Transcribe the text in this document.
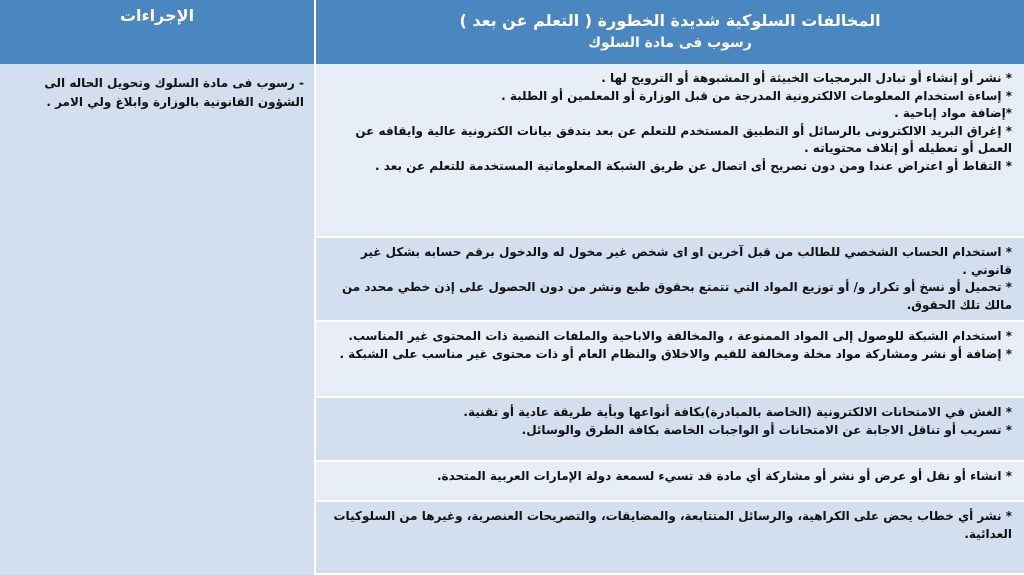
المخالفات السلوكية شديدة الخطورة ( التعلم عن بعد )
رسوب فى مادة السلوك
الإجراءات

* نشر أو إنشاء أو تبادل البرمجيات الخبيثة أو المشبوهة أو الترويج لها .

* إساءة استخدام المعلومات الالكترونية المدرجة من قبل الوزارة أو المعلمين أو الطلبة .

*إضافة مواد إباحية .

* إغراق البريد الالكترونى بالرسائل أو التطبيق المستخدم للتعلم عن بعد بتدفق بيانات الكترونية عالية وايقافه عن العمل أو تعطيله أو إتلاف محتوياته .

* التقاط أو اعتراض عندا ومن دون تصريح أى اتصال عن طريق الشبكة المعلوماتية المستخدمة للتعلم عن بعد .

* استخدام الحساب الشخصي للطالب من قبل آخرين او اى شخص غير مخول له والدخول برقم حسابه بشكل غير قانوني .

* تحميل أو نسخ أو تكرار و/ أو توزيع المواد التي تتمتع بحقوق طبع ونشر من دون الحصول على إذن خطي محدد من مالك تلك الحقوق.

* استخدام الشبكة للوصول إلى المواد الممنوعة ، والمخالفة والاباحية والملفات النصية ذات المحتوى غير المناسب.

* إضافة أو نشر ومشاركة مواد مخلة ومخالفة للقيم والاخلاق والنظام العام أو ذات محتوى غير مناسب على الشبكة .

* الغش في الامتحانات الالكترونية (الخاصة بالمبادرة)بكافة أنواعها وبأية طريقة عادية أو تقنية.

* تسريب أو تناقل الاجابة عن الامتحانات أو الواجبات الخاصة بكافة الطرق والوسائل.

* انشاء أو نقل أو عرض أو نشر أو مشاركة أي مادة قد تسيء لسمعة دولة الإمارات العربية المتحدة.

* نشر أي خطاب يحض على الكراهية، والرسائل المتتابعة، والمضايقات، والتصريحات العنصرية، وغيرها من السلوكيات العدائية.

- رسوب فى مادة السلوك وتحويل الحاله الى الشؤون القانونية بالوزارة وابلاغ ولي الامر .
